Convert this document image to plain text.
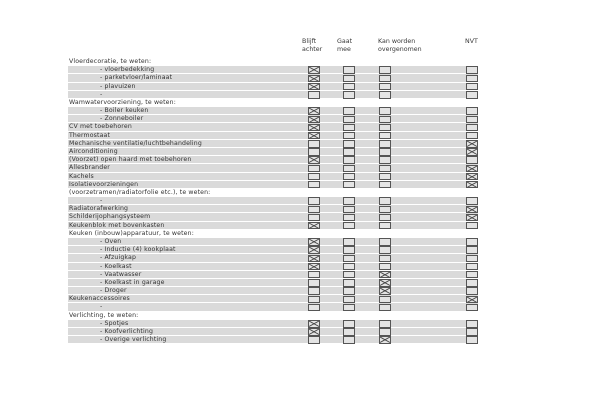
Blijft
achter
Gaat
mee
Kan worden
overgenomen
NVT
Vloerdecoratie, te weten:
- vloerbedekking
- parketvloer/laminaat
- plavuizen
-
Wamwatervoorziening, te weten:
- Boiler keuken
- Zonneboiler
CV met toebehoren
Thermostaat
Mechanische ventilatie/luchtbehandeling
Airconditioning
(Voorzet) open haard met toebehoren
Allesbrander
Kachels
Isolatievoorzieningen
(voorzetramen/radiatorfolie etc.), te weten:
-
Radiatorafwerking
Schilderijophangsysteem
Keukenblok met bovenkasten
Keuken (inbouw)apparatuur, te weten:
- Oven
- Inductie (4) kookplaat
- Afzuigkap
- Koelkast
- Vaatwasser
- Koelkast in garage
- Droger
Keukenaccessoires
-
Verlichting, te weten:
- Spotjes
- Koofverlichting
- Overige verlichting
